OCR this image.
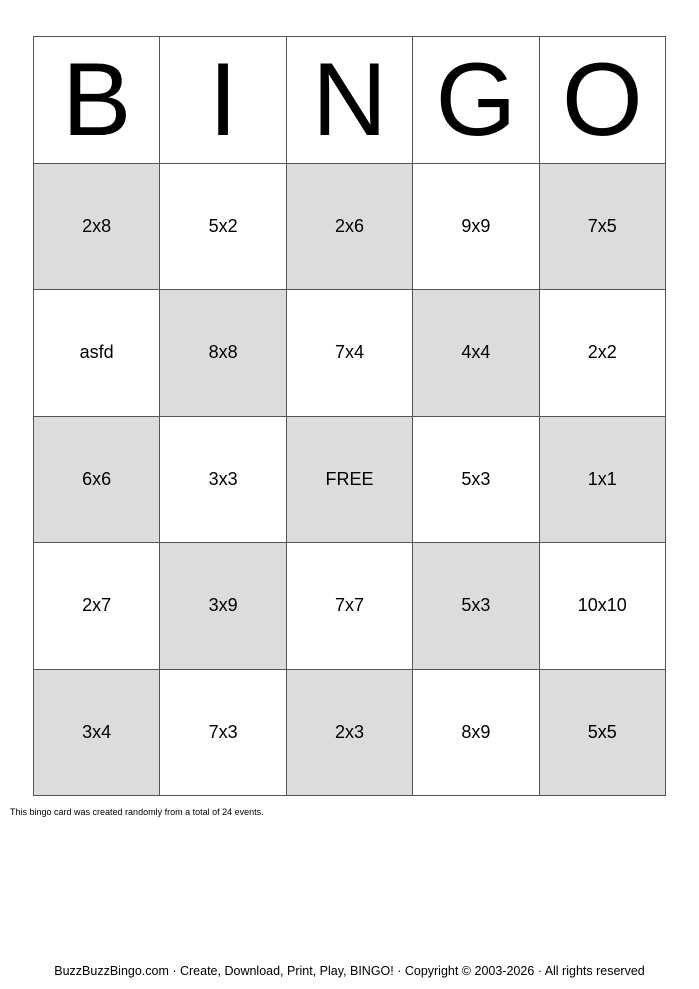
B I N G O
2x8	5x2	2x6	9x9	7x5
asfd	8x8	7x4	4x4	2x2
6x6	3x3	FREE	5x3	1x1
2x7	3x9	7x7	5x3	10x10
3x4	7x3	2x3	8x9	5x5
This bingo card was created randomly from a total of 24 events.
BuzzBuzzBingo.com · Create, Download, Print, Play, BINGO! · Copyright © 2003-2026 · All rights reserved
